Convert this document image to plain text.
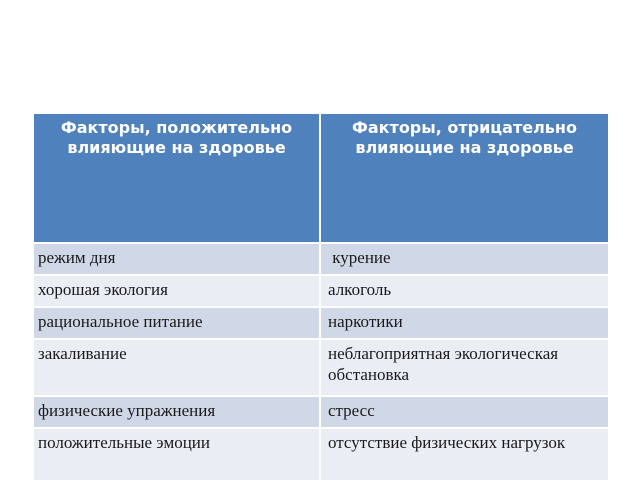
Факторы, положительно влияющие на здоровье	Факторы, отрицательно влияющие на здоровье

режим дня	курение
хорошая экология	алкоголь
рациональное питание	наркотики
закаливание	неблагоприятная экологическая обстановка
физические упражнения	стресс
положительные эмоции	отсутствие физических нагрузок
